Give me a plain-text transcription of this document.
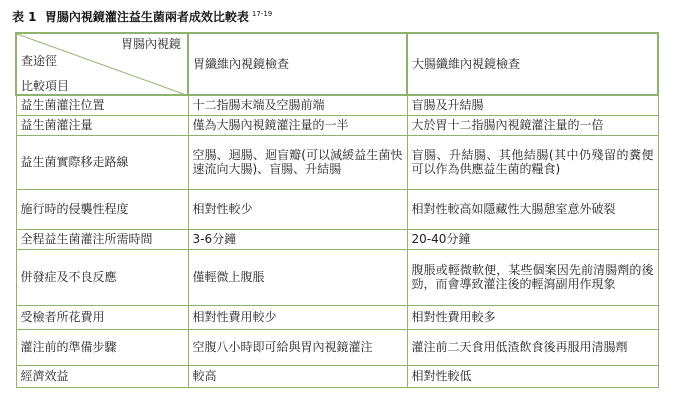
表 1 胃腸內視鏡灌注益生菌兩者成效比較表 $^{17-19}$
胃腸內視鏡
查途徑
比較項目	胃纖維內視鏡檢查	大腸纖維內視鏡檢查
益生菌灌注位置	十二指腸末端及空腸前端	盲腸及升結腸
益生菌灌注量	僅為大腸內視鏡灌注量的一半	大於胃十二指腸內視鏡灌注量的一倍
益生菌實際移走路線	空腸、迴腸、迴盲瓣(可以減緩益生菌快速流向大腸)、盲腸、升結腸	盲腸、升結腸、其他結腸(其中仍殘留的糞便可以作為供應益生菌的糧食)
施行時的侵襲性程度	相對性較少	相對性較高如隱藏性大腸憩室意外破裂
全程益生菌灌注所需時間	3-6分鐘	20-40分鐘
併發症及不良反應	僅輕微上腹脹	腹脹或輕微軟便，某些個案因先前清腸劑的後勁，而會導致灌注後的輕瀉副用作現象
受檢者所花費用	相對性費用較少	相對性費用較多
灌注前的準備步驟	空腹八小時即可給與胃內視鏡灌注	灌注前二天食用低渣飲食後再服用清腸劑
經濟效益	較高	相對性較低
